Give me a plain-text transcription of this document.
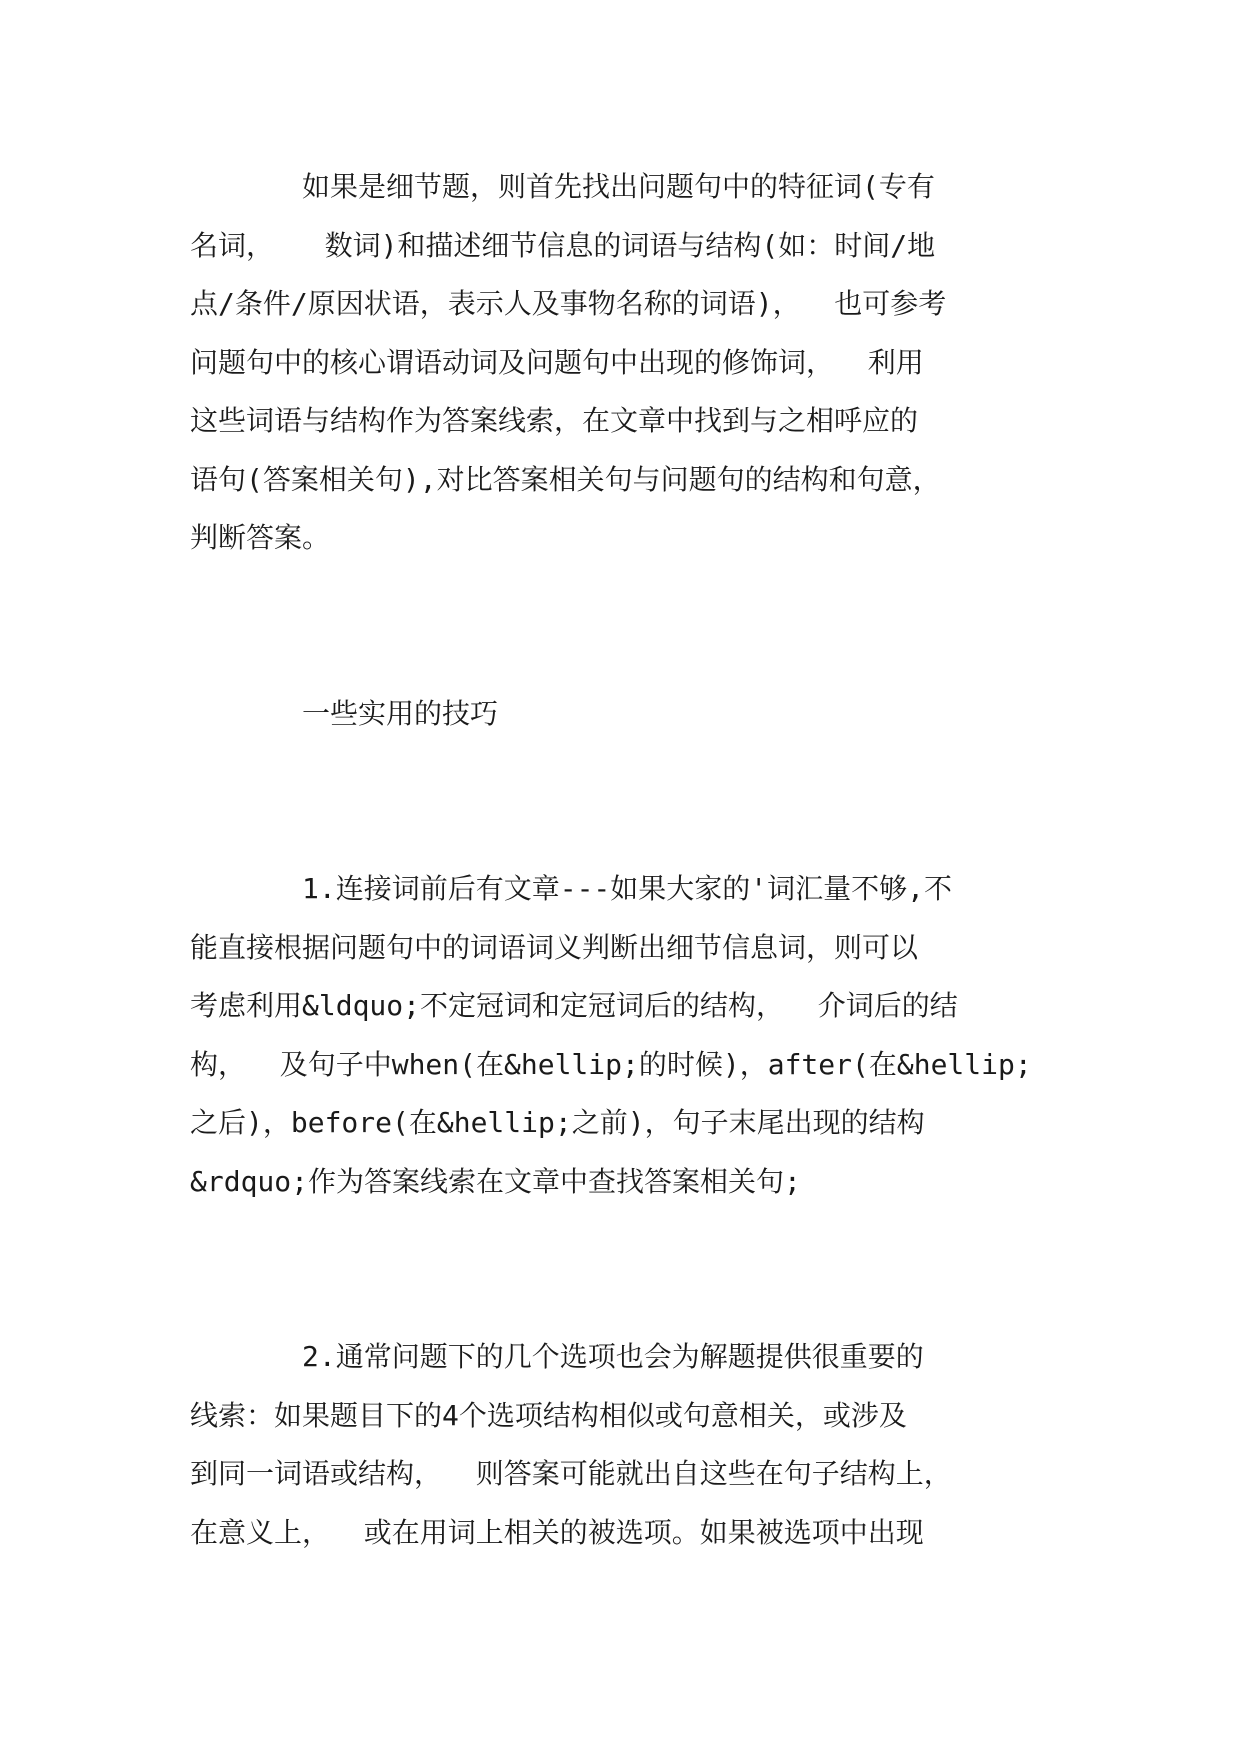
如果是细节题，则首先找出问题句中的特征词(专有
名词，   数词)和描述细节信息的词语与结构(如：时间/地
点/条件/原因状语，表示人及事物名称的词语)，  也可参考
问题句中的核心谓语动词及问题句中出现的修饰词，  利用
这些词语与结构作为答案线索，在文章中找到与之相呼应的
语句(答案相关句),对比答案相关句与问题句的结构和句意，
判断答案。

一些实用的技巧

1.连接词前后有文章---如果大家的'词汇量不够,不
能直接根据问题句中的词语词义判断出细节信息词，则可以
考虑利用&ldquo;不定冠词和定冠词后的结构，  介词后的结
构，  及句子中when(在&hellip;的时候)，after(在&hellip;
之后)，before(在&hellip;之前)，句子末尾出现的结构
&rdquo;作为答案线索在文章中查找答案相关句;
2.通常问题下的几个选项也会为解题提供很重要的
线索：如果题目下的4个选项结构相似或句意相关，或涉及
到同一词语或结构，  则答案可能就出自这些在句子结构上，
在意义上，  或在用词上相关的被选项。如果被选项中出现
